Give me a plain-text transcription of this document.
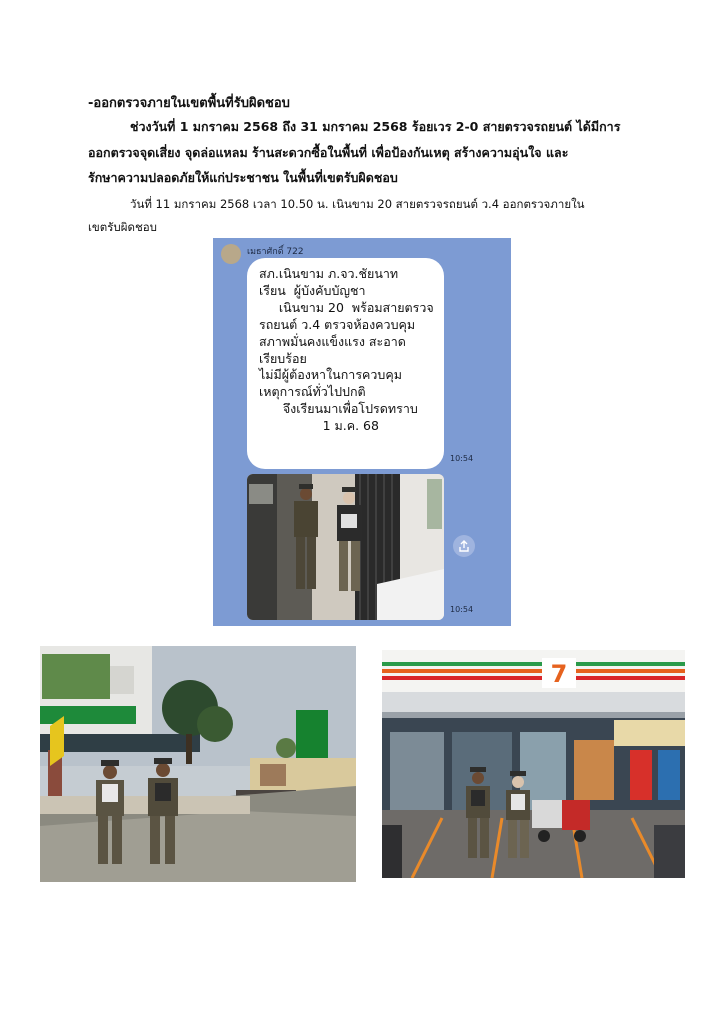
-ออกตรวจภายในเขตพื้นที่รับผิดชอบ
ช่วงวันที่ 1 มกราคม 2568 ถึง 31 มกราคม 2568 ร้อยเวร 2-0 สายตรวจรถยนต์ ได้มีการ
ออกตรวจจุดเสี่ยง จุดล่อแหลม ร้านสะดวกซื้อในพื้นที่ เพื่อป้องกันเหตุ สร้างความอุ่นใจ และ
รักษาความปลอดภัยให้แก่ประชาชน ในพื้นที่เขตรับผิดชอบ
วันที่ 11 มกราคม 2568 เวลา 10.50 น. เนินขาม 20 สายตรวจรถยนต์ ว.4 ออกตรวจภายใน
เขตรับผิดชอบ
เมธาศักดิ์ 722
สภ.เนินขาม ภ.จว.ชัยนาท
เรียน  ผู้บังคับบัญชา
เนินขาม 20  พร้อมสายตรวจ
รถยนต์ ว.4 ตรวจห้องควบคุม
สภาพมั่นคงแข็งแรง สะอาด
เรียบร้อย
ไม่มีผู้ต้องหาในการควบคุม
เหตุการณ์ทั่วไปปกติ
จึงเรียนมาเพื่อโปรดทราบ
1 ม.ค. 68
10:54
10:54
7
